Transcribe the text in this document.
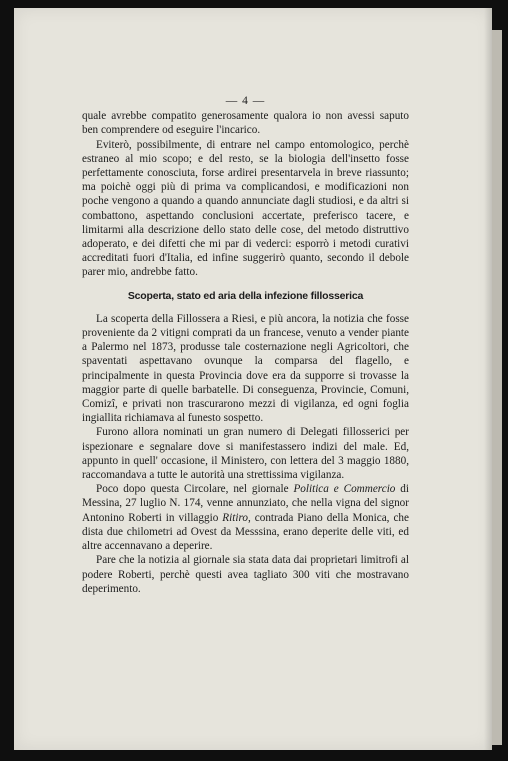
— 4 —

quale avrebbe compatito generosamente qualora io non avessi saputo ben comprendere od eseguire l'incarico.

Eviterò, possibilmente, di entrare nel campo entomologico, perchè estraneo al mio scopo; e del resto, se la biologia dell'insetto fosse perfettamente conosciuta, forse ardirei presentarvela in breve riassunto; ma poichè oggi più di prima va complicandosi, e modificazioni non poche vengono a quando a quando annunciate dagli studiosi, e da altri si combattono, aspettando conclusioni accertate, preferisco tacere, e limitarmi alla descrizione dello stato delle cose, del metodo distruttivo adoperato, e dei difetti che mi par di vederci: esporrò i metodi curativi accreditati fuori d'Italia, ed infine suggerirò quanto, secondo il debole parer mio, andrebbe fatto.

Scoperta, stato ed aria della infezione fillosserica

La scoperta della Fillossera a Riesi, e più ancora, la notizia che fosse proveniente da 2 vitigni comprati da un francese, venuto a vender piante a Palermo nel 1873, produsse tale costernazione negli Agricoltori, che spaventati aspettavano ovunque la comparsa del flagello, e principalmente in questa Provincia dove era da supporre si trovasse la maggior parte di quelle barbatelle. Di conseguenza, Provincie, Comuni, Comizî, e privati non trascurarono mezzi di vigilanza, ed ogni foglia ingiallita richiamava al funesto sospetto.

Furono allora nominati un gran numero di Delegati fillosserici per ispezionare e segnalare dove si manifestassero indizi del male. Ed, appunto in quell' occasione, il Ministero, con lettera del 3 maggio 1880, raccomandava a tutte le autorità una strettissima vigilanza.

Poco dopo questa Circolare, nel giornale Politica e Commercio di Messina, 27 luglio N. 174, venne annunziato, che nella vigna del signor Antonino Roberti in villaggio Ritiro, contrada Piano della Monica, che dista due chilometri ad Ovest da Messsina, erano deperite delle viti, ed altre accennavano a deperire.

Pare che la notizia al giornale sia stata data dai proprietari limitrofi al podere Roberti, perchè questi avea tagliato 300 viti che mostravano deperimento.
